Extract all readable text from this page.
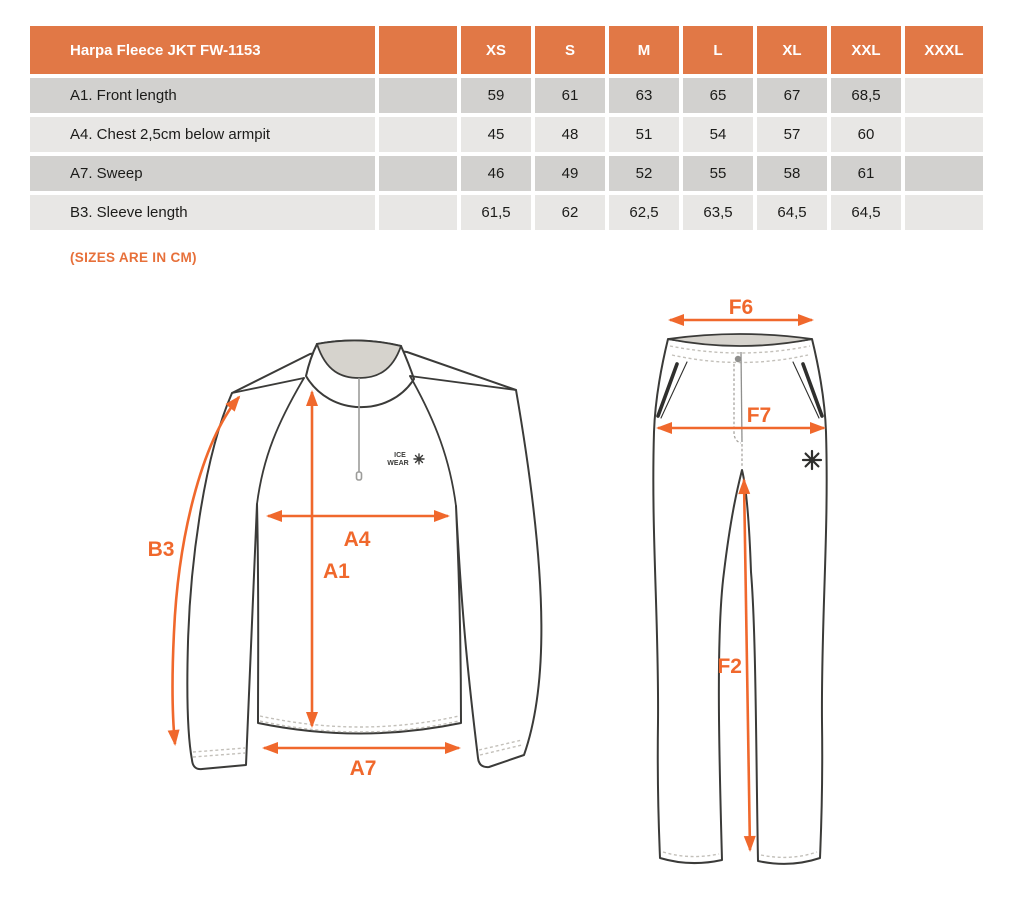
Harpa Fleece JKT FW-1153		XS	S	M	L	XL	XXL	XXXL
A1. Front length		59	61	63	65	67	68,5	
A4. Chest 2,5cm below armpit		45	48	51	54	57	60	
A7. Sweep		46	49	52	55	58	61	
B3. Sleeve length		61,5	62	62,5	63,5	64,5	64,5	
(SIZES ARE IN CM)
ICE
WEAR
A4
A1
A7
B3
F6
F7
F2
